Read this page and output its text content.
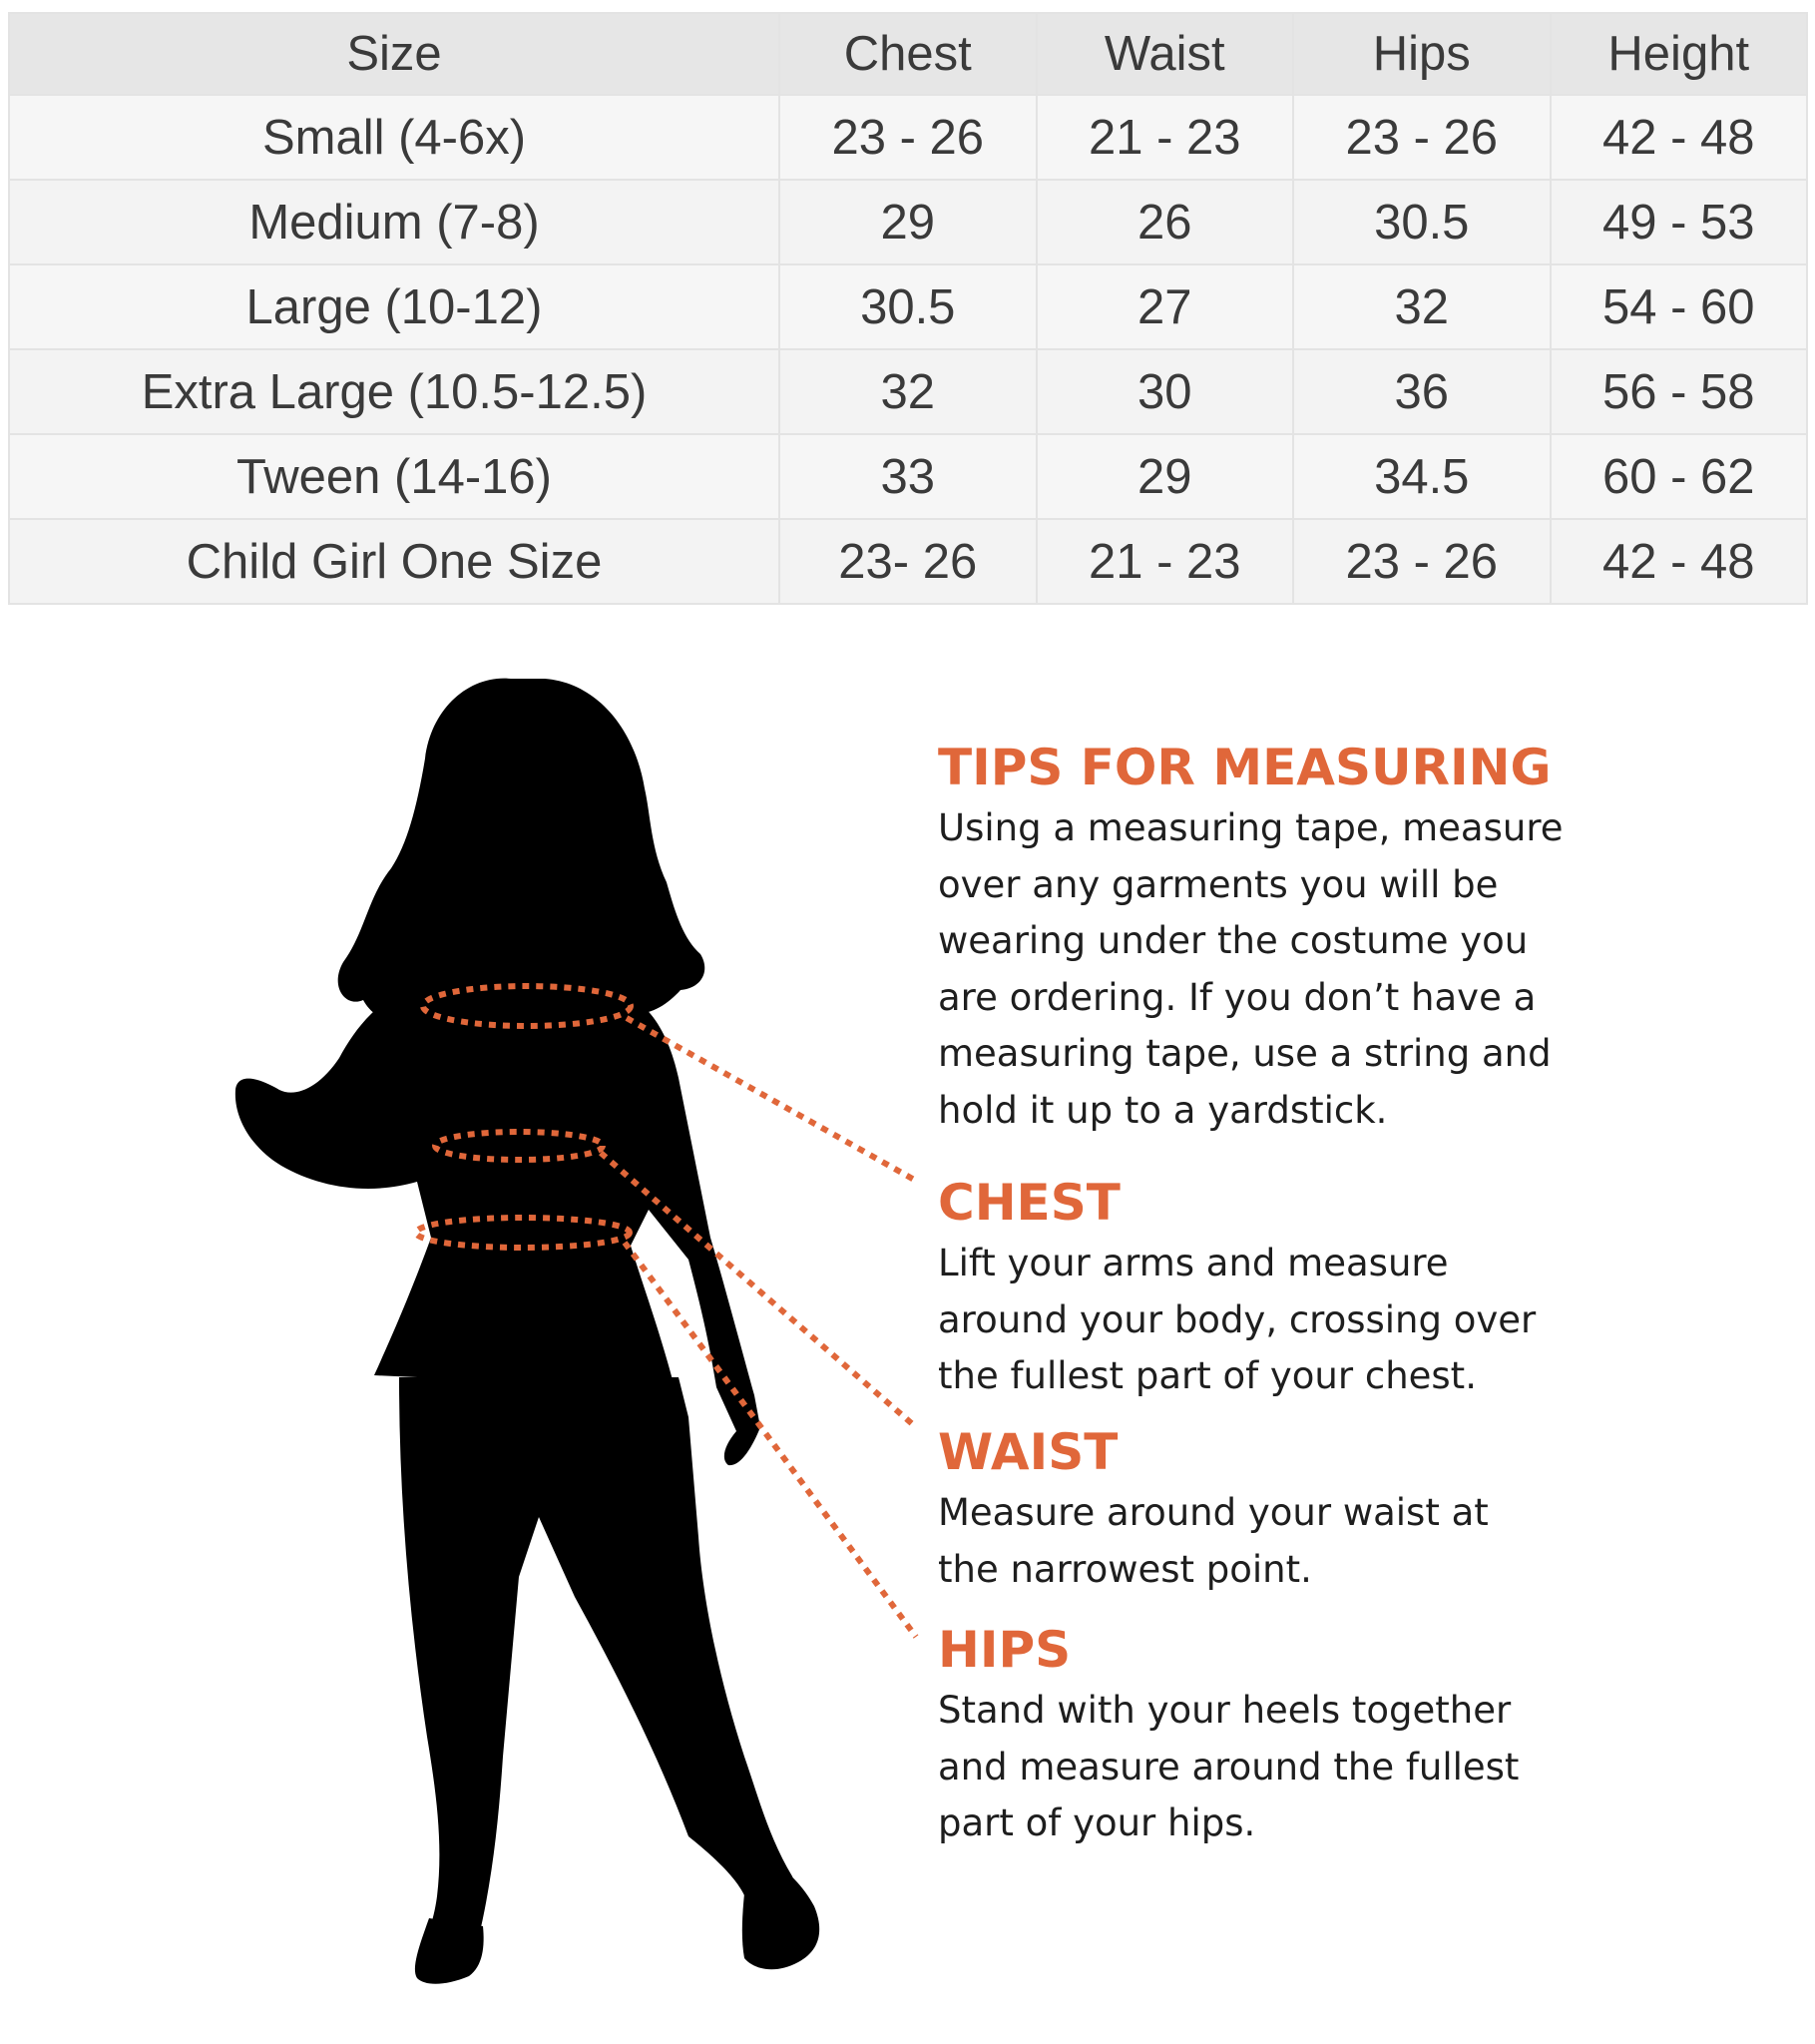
Size	Chest	Waist	Hips	Height
Small (4-6x)	23 - 26	21 - 23	23 - 26	42 - 48
Medium (7-8)	29	26	30.5	49 - 53
Large (10-12)	30.5	27	32	54 - 60
Extra Large (10.5-12.5)	32	30	36	56 - 58
Tween (14-16)	33	29	34.5	60 - 62
Child Girl One Size	23- 26	21 - 23	23 - 26	42 - 48
TIPS FOR MEASURING

Using a measuring tape, measure
over any garments you will be
wearing under the costume you
are ordering. If you don’t have a
measuring tape, use a string and
hold it up to a yardstick.

CHEST

Lift your arms and measure
around your body, crossing over
the fullest part of your chest.

WAIST

Measure around your waist at
the narrowest point.

HIPS

Stand with your heels together
and measure around the fullest
part of your hips.
